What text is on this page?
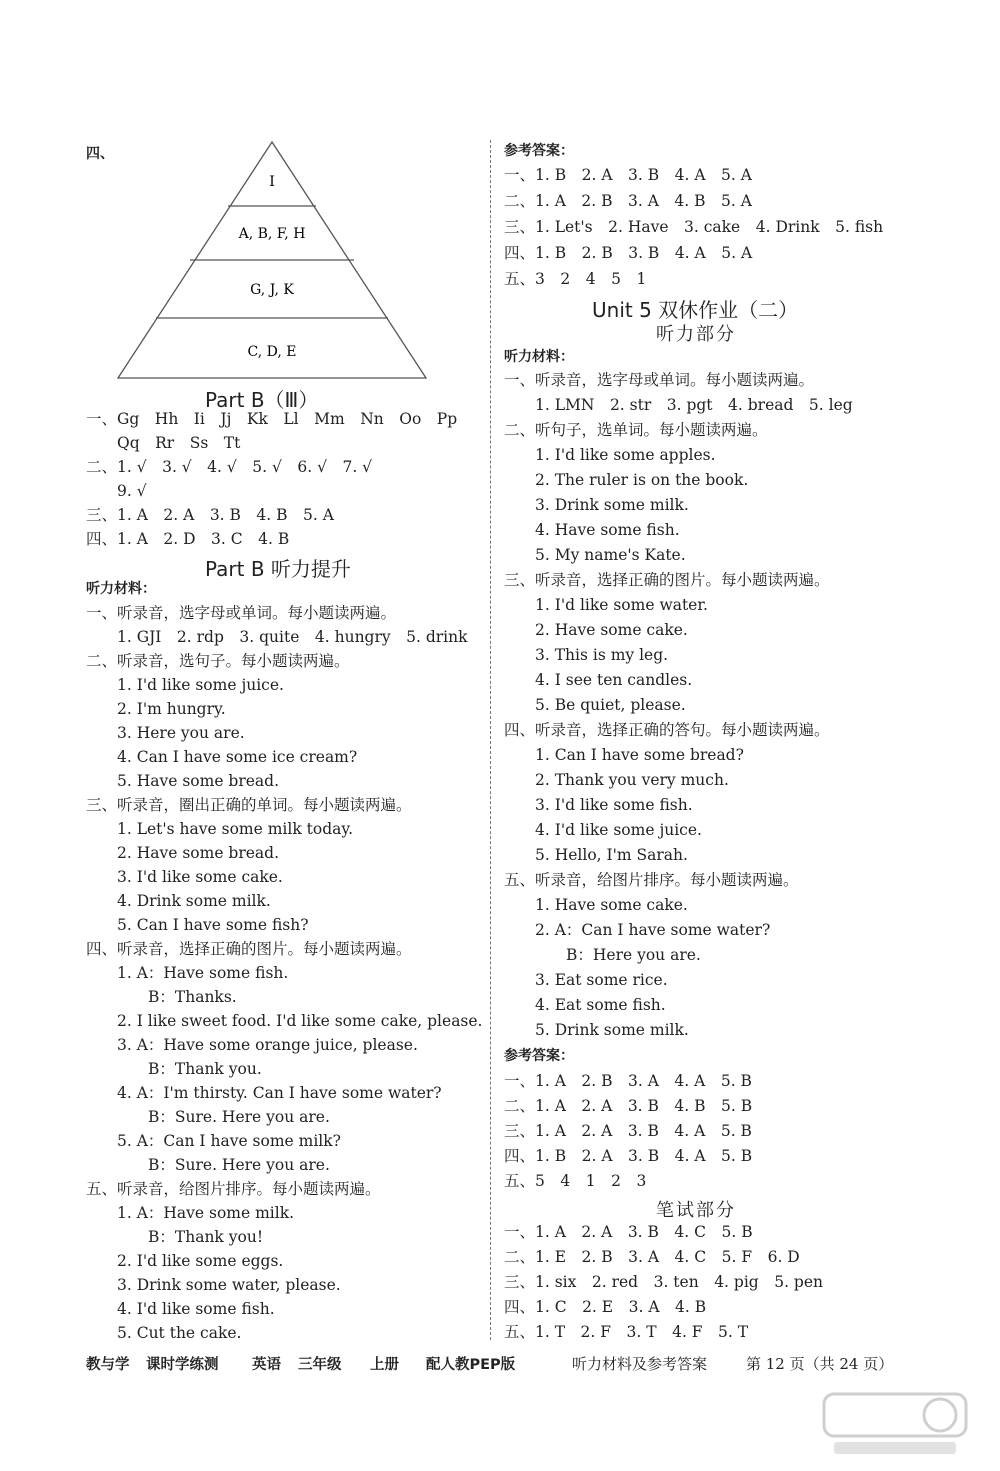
四、
I
A, B, F, H
G, J, K
C, D, E
Part B（Ⅲ）
一、Gg　Hh　Ii　Jj　Kk　Ll　Mm　Nn　Oo　Pp
　　Qq　Rr　Ss　Tt
二、1. √　3. √　4. √　5. √　6. √　7. √
　　9. √
三、1. A　2. A　3. B　4. B　5. A
四、1. A　2. D　3. C　4. B
Part B 听力提升
听力材料：
一、听录音，选字母或单词。每小题读两遍。
　　1. GJI　2. rdp　3. quite　4. hungry　5. drink
二、听录音，选句子。每小题读两遍。
　　1. I'd like some juice.
　　2. I'm hungry.
　　3. Here you are.
　　4. Can I have some ice cream?
　　5. Have some bread.
三、听录音，圈出正确的单词。每小题读两遍。
　　1. Let's have some milk today.
　　2. Have some bread.
　　3. I'd like some cake.
　　4. Drink some milk.
　　5. Can I have some fish?
四、听录音，选择正确的图片。每小题读两遍。
　　1. A：Have some fish.
　　　　B：Thanks.
　　2. I like sweet food. I'd like some cake, please.
　　3. A：Have some orange juice, please.
　　　　B：Thank you.
　　4. A：I'm thirsty. Can I have some water?
　　　　B：Sure. Here you are.
　　5. A：Can I have some milk?
　　　　B：Sure. Here you are.
五、听录音，给图片排序。每小题读两遍。
　　1. A：Have some milk.
　　　　B：Thank you!
　　2. I'd like some eggs.
　　3. Drink some water, please.
　　4. I'd like some fish.
　　5. Cut the cake.
参考答案：
一、1. B　2. A　3. B　4. A　5. A
二、1. A　2. B　3. A　4. B　5. A
三、1. Let's　2. Have　3. cake　4. Drink　5. fish
四、1. B　2. B　3. B　4. A　5. A
五、3　2　4　5　1
Unit 5 双休作业（二）
听力部分
听力材料：
一、听录音，选字母或单词。每小题读两遍。
　　1. LMN　2. str　3. pgt　4. bread　5. leg
二、听句子，选单词。每小题读两遍。
　　1. I'd like some apples.
　　2. The ruler is on the book.
　　3. Drink some milk.
　　4. Have some fish.
　　5. My name's Kate.
三、听录音，选择正确的图片。每小题读两遍。
　　1. I'd like some water.
　　2. Have some cake.
　　3. This is my leg.
　　4. I see ten candles.
　　5. Be quiet, please.
四、听录音，选择正确的答句。每小题读两遍。
　　1. Can I have some bread?
　　2. Thank you very much.
　　3. I'd like some fish.
　　4. I'd like some juice.
　　5. Hello, I'm Sarah.
五、听录音，给图片排序。每小题读两遍。
　　1. Have some cake.
　　2. A：Can I have some water?
　　　　B：Here you are.
　　3. Eat some rice.
　　4. Eat some fish.
　　5. Drink some milk.
参考答案：
一、1. A　2. B　3. A　4. A　5. B
二、1. A　2. A　3. B　4. B　5. B
三、1. A　2. A　3. B　4. A　5. B
四、1. B　2. A　3. B　4. A　5. B
五、5　4　1　2　3
笔试部分
一、1. A　2. A　3. B　4. C　5. B
二、1. E　2. B　3. A　4. C　5. F　6. D
三、1. six　2. red　3. ten　4. pig　5. pen
四、1. C　2. E　3. A　4. B
五、1. T　2. F　3. T　4. F　5. T
教与学 课时学练测 英语 三年级 上册 配人教PEP版	听力材料及参考答案	第 12 页（共 24 页）
